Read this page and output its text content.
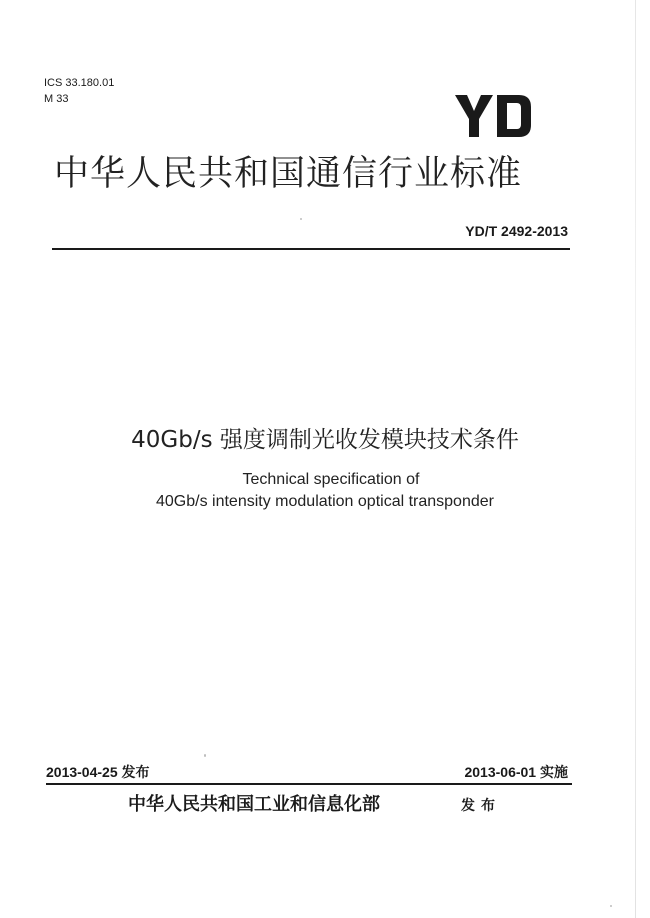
ICS 33.180.01
M 33
中华人民共和国通信行业标准
YD/T 2492-2013
40Gb/s 强度调制光收发模块技术条件
Technical specification of
40Gb/s intensity modulation optical transponder
2013-04-25 发布	2013-06-01 实施
中华人民共和国工业和信息化部	发布
